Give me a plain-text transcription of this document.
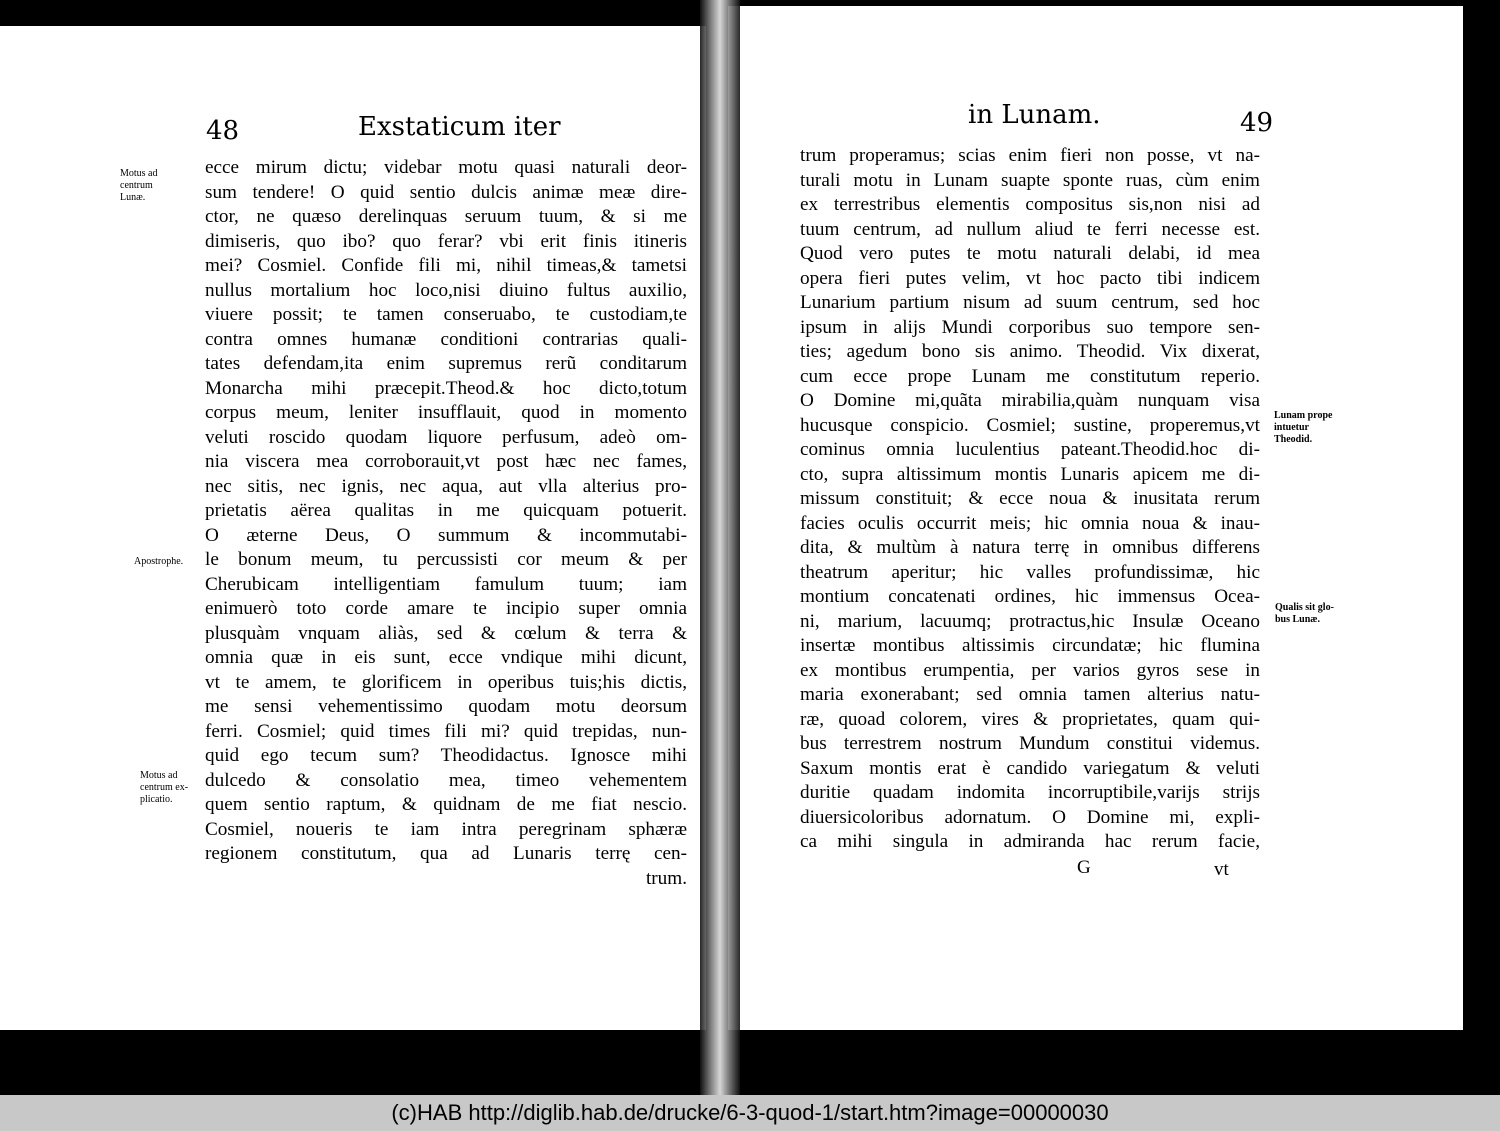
48	Exstaticum iter
Motus ad
centrum
Lunæ.
Apostrophe.
Motus ad
centrum ex-
plicatio.
ecce mirum dictu; videbar motu quasi naturali deor-
sum tendere! O quid sentio dulcis animæ meæ dire-
ctor, ne quæso derelinquas seruum tuum, & si me
dimiseris, quo ibo? quo ferar? vbi erit finis itineris
mei? Cosmiel. Confide fili mi, nihil timeas,& tametsi
nullus mortalium hoc loco,nisi diuino fultus auxilio,
viuere possit; te tamen conseruabo, te custodiam,te
contra omnes humanæ conditioni contrarias quali-
tates defendam,ita enim supremus rerũ conditarum
Monarcha mihi præcepit.Theod.& hoc dicto,totum
corpus meum, leniter insufflauit, quod in momento
veluti roscido quodam liquore perfusum, adeò om-
nia viscera mea corroborauit,vt post hæc nec fames,
nec sitis, nec ignis, nec aqua, aut vlla alterius pro-
prietatis aërea qualitas in me quicquam potuerit.
O æterne Deus, O summum & incommutabi-
le bonum meum, tu percussisti cor meum & per
Cherubicam intelligentiam famulum tuum; iam
enimuerò toto corde amare te incipio super omnia
plusquàm vnquam aliàs, sed & cœlum & terra &
omnia quæ in eis sunt, ecce vndique mihi dicunt,
vt te amem, te glorificem in operibus tuis;his dictis,
me sensi vehementissimo quodam motu deorsum
ferri. Cosmiel; quid times fili mi? quid trepidas, nun-
quid ego tecum sum? Theodidactus. Ignosce mihi
dulcedo & consolatio mea, timeo vehementem
quem sentio raptum, & quidnam de me fiat nescio.
Cosmiel, noueris te iam intra peregrinam sphæræ
regionem constitutum, qua ad Lunaris terrę cen-
trum.
in Lunam.	49
trum properamus; scias enim fieri non posse, vt na-
turali motu in Lunam suapte sponte ruas, cùm enim
ex terrestribus elementis compositus sis,non nisi ad
tuum centrum, ad nullum aliud te ferri necesse est.
Quod vero putes te motu naturali delabi, id mea
opera fieri putes velim, vt hoc pacto tibi indicem
Lunarium partium nisum ad suum centrum, sed hoc
ipsum in alijs Mundi corporibus suo tempore sen-
ties; agedum bono sis animo. Theodid. Vix dixerat,
cum ecce prope Lunam me constitutum reperio.
O Domine mi,quãta mirabilia,quàm nunquam visa
hucusque conspicio. Cosmiel; sustine, properemus,vt
cominus omnia luculentius pateant.Theodid.hoc di-
cto, supra altissimum montis Lunaris apicem me di-
missum constituit; & ecce noua & inusitata rerum
facies oculis occurrit meis; hic omnia noua & inau-
dita, & multùm à natura terrę in omnibus differens
theatrum aperitur; hic valles profundissimæ, hic
montium concatenati ordines, hic immensus Ocea-
ni, marium, lacuumq; protractus,hic Insulæ Oceano
insertæ montibus altissimis circundatæ; hic flumina
ex montibus erumpentia, per varios gyros sese in
maria exonerabant; sed omnia tamen alterius natu-
ræ, quoad colorem, vires & proprietates, quam qui-
bus terrestrem nostrum Mundum constitui videmus.
Saxum montis erat è candido variegatum & veluti
duritie quadam indomita incorruptibile,varijs strijs
diuersicoloribus adornatum. O Domine mi, expli-
ca mihi singula in admiranda hac rerum facie,
G	vt
Lunam prope
intuetur
Theodid.
Qualis sit glo-
bus Lunæ.
(c)HAB http://diglib.hab.de/drucke/6-3-quod-1/start.htm?image=00000030
